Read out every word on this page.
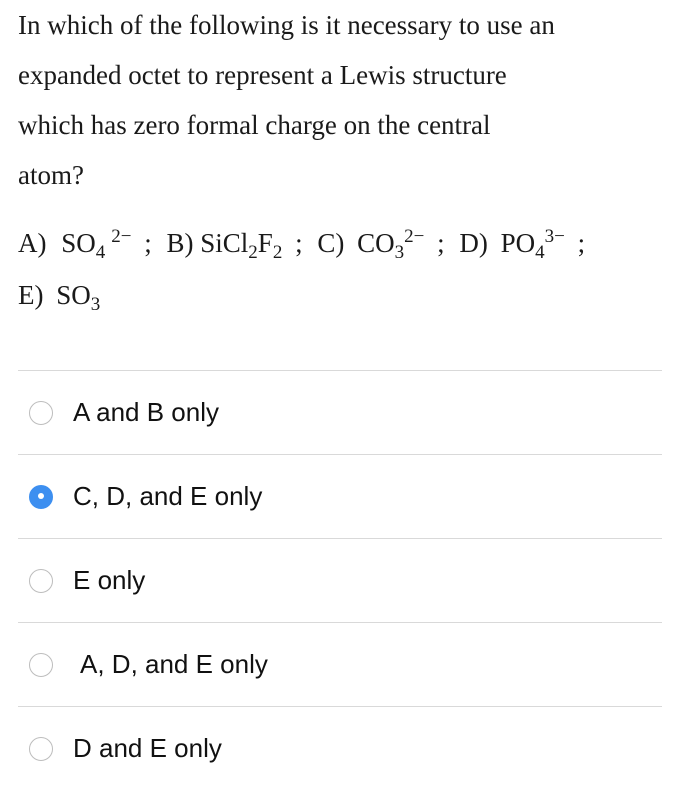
In which of the following is it necessary to use an
expanded octet to represent a Lewis structure
which has zero formal charge on the central
atom?
A) $SO_4^{2-}$ ; B) $SiCl_2F_2$ ; C) $CO_3^{2-}$ ; D) $PO_4^{3-}$ ;
E) $SO_3$
A and B only
C, D, and E only
E only
A, D, and E only
D and E only
